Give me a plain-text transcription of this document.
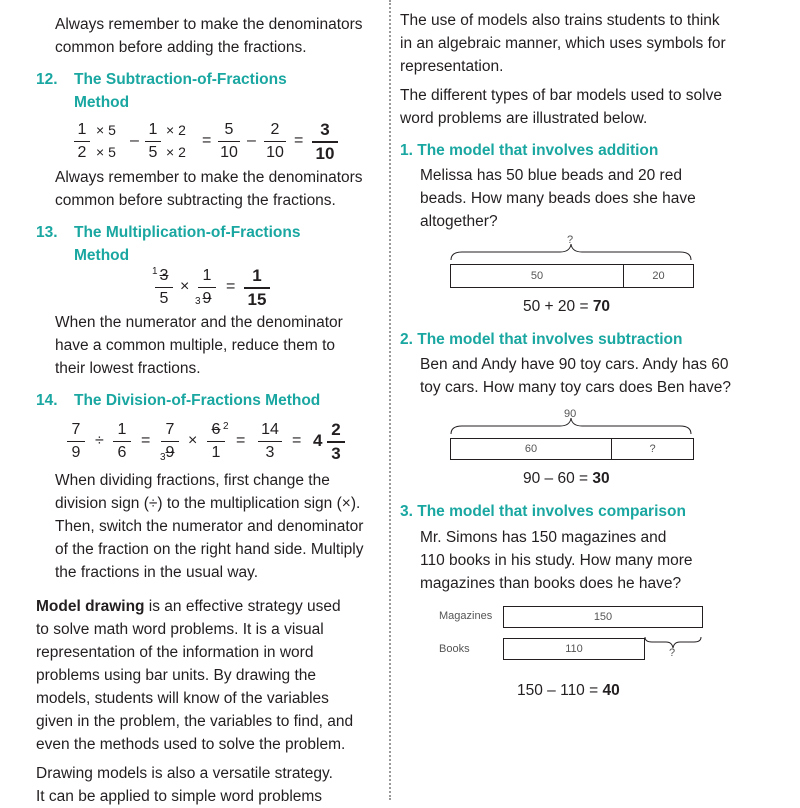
Always remember to make the denominators
common before adding the fractions.
12. The Subtraction-of-Fractions
Method
1
2
× 5
× 5
–
1
5
× 2
× 2
=
5
10
–
2
10
=
3
10
Always remember to make the denominators
common before subtracting the fractions.
13. The Multiplication-of-Fractions
Method
1 3
5
×
1
9
3
=
1
15
When the numerator and the denominator
have a common multiple, reduce them to
their lowest fractions.
14. The Division-of-Fractions Method
7
9
÷
1
6
=
7
9
3
×
6
1
2
=
14
3
= 4
2
3
When dividing fractions, first change the
division sign (÷) to the multiplication sign (×).
Then, switch the numerator and denominator
of the fraction on the right hand side. Multiply
the fractions in the usual way.
Model drawing is an effective strategy used
to solve math word problems. It is a visual
representation of the information in word
problems using bar units. By drawing the
models, students will know of the variables
given in the problem, the variables to find, and
even the methods used to solve the problem.
Drawing models is also a versatile strategy.
It can be applied to simple word problems
The use of models also trains students to think
in an algebraic manner, which uses symbols for
representation.
The different types of bar models used to solve
word problems are illustrated below.
1. The model that involves addition
Melissa has 50 blue beads and 20 red
beads. How many beads does she have
altogether?
?
50	20
50 + 20 = 70
2. The model that involves subtraction
Ben and Andy have 90 toy cars. Andy has 60
toy cars. How many toy cars does Ben have?
90
60	?
90 – 60 = 30
3. The model that involves comparison
Mr. Simons has 150 magazines and
110 books in his study. How many more
magazines than books does he have?
Magazines	150
Books	110	?
150 – 110 = 40
